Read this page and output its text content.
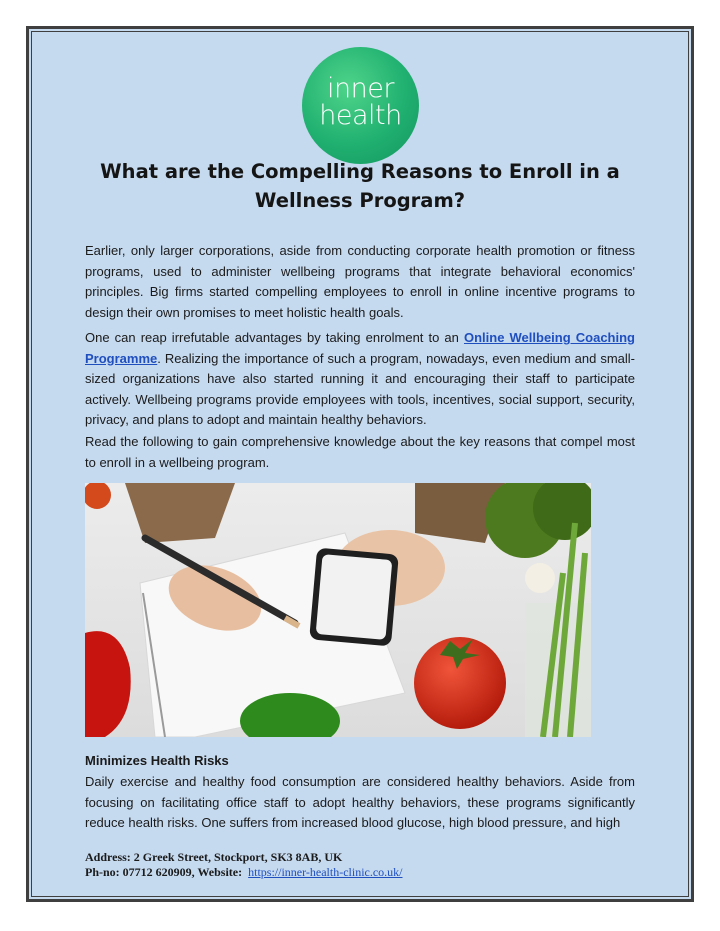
inner
health
What are the Compelling Reasons to Enroll in a Wellness Program?

Earlier, only larger corporations, aside from conducting corporate health promotion or fitness programs, used to administer wellbeing programs that integrate behavioral economics' principles. Big firms started compelling employees to enroll in online incentive programs to design their own promises to meet holistic health goals.

One can reap irrefutable advantages by taking enrolment to an Online Wellbeing Coaching Programme. Realizing the importance of such a program, nowadays, even medium and small-sized organizations have also started running it and encouraging their staff to participate actively. Wellbeing programs provide employees with tools, incentives, social support, security, privacy, and plans to adopt and maintain healthy behaviors.

Read the following to gain comprehensive knowledge about the key reasons that compel most to enroll in a wellbeing program.

Minimizes Health Risks

Daily exercise and healthy food consumption are considered healthy behaviors. Aside from focusing on facilitating office staff to adopt healthy behaviors, these programs significantly reduce health risks. One suffers from increased blood glucose, high blood pressure, and high

Address: 2 Greek Street, Stockport, SK3 8AB, UK
Ph-no: 07712 620909, Website: https://inner-health-clinic.co.uk/
